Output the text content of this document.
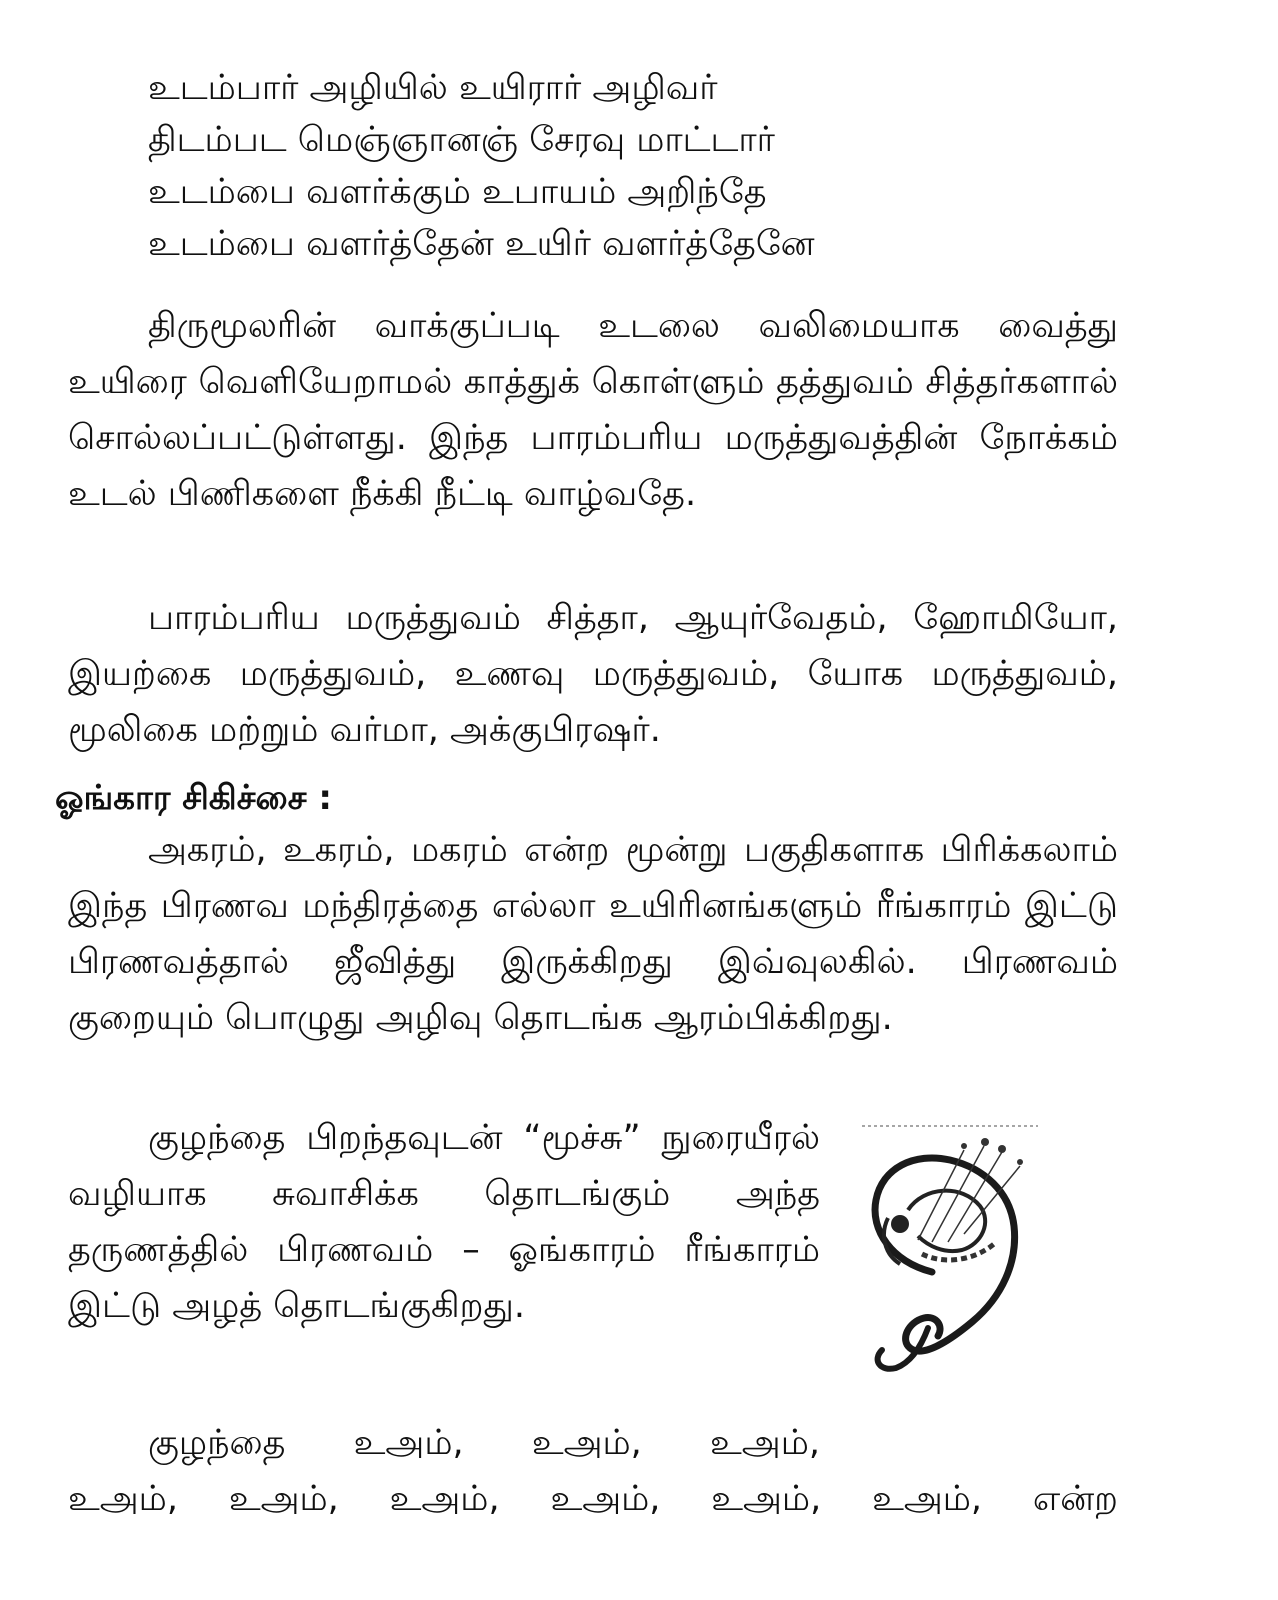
உடம்பார் அழியில் உயிரார் அழிவர்
திடம்பட மெஞ்ஞானஞ் சேரவு மாட்டார்
உடம்பை வளர்க்கும் உபாயம் அறிந்தே
உடம்பை வளர்த்தேன் உயிர் வளர்த்தேனே

திருமூலரின் வாக்குப்படி உடலை வலிமையாக வைத்து உயிரை வெளியேறாமல் காத்துக் கொள்ளும் தத்துவம் சித்தர்களால் சொல்லப்பட்டுள்ளது. இந்த பாரம்பரிய மருத்துவத்தின் நோக்கம் உடல் பிணிகளை நீக்கி நீட்டி வாழ்வதே.

பாரம்பரிய மருத்துவம் சித்தா, ஆயுர்வேதம், ஹோமியோ, இயற்கை மருத்துவம், உணவு மருத்துவம், யோக மருத்துவம், மூலிகை மற்றும் வர்மா, அக்குபிரஷர்.

ஓங்கார சிகிச்சை :

அகரம், உகரம், மகரம் என்ற மூன்று பகுதிகளாக பிரிக்கலாம் இந்த பிரணவ மந்திரத்தை எல்லா உயிரினங்களும் ரீங்காரம் இட்டு பிரணவத்தால் ஜீவித்து இருக்கிறது இவ்வுலகில். பிரணவம் குறையும் பொழுது அழிவு தொடங்க ஆரம்பிக்கிறது.

குழந்தை பிறந்தவுடன் “மூச்சு” நுரையீரல் வழியாக சுவாசிக்க தொடங்கும் அந்த தருணத்தில் பிரணவம் – ஓங்காரம் ரீங்காரம் இட்டு அழத் தொடங்குகிறது.

குழந்தை உஅம், உஅம், உஅம்,
உஅம், உஅம், உஅம், உஅம், உஅம், உஅம், என்ற
